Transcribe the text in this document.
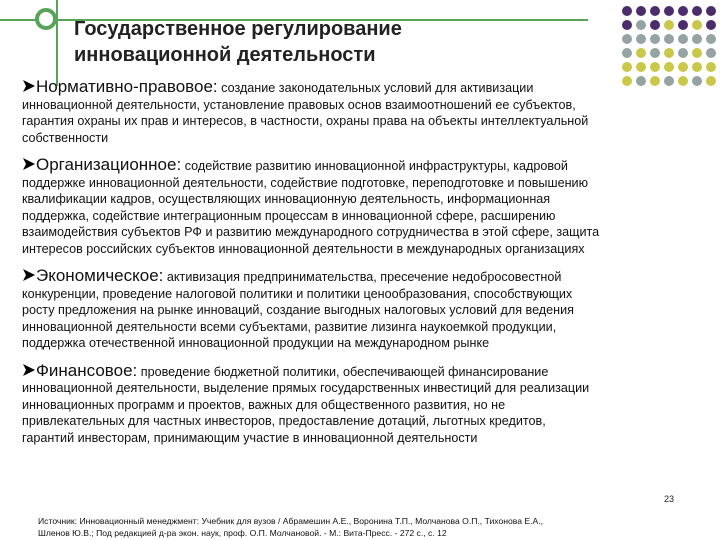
Государственное регулирование
инновационной деятельности

Нормативно-правовое: создание законодательных условий для активизации

инновационной деятельности, установление правовых основ взаимоотношений ее субъектов,

гарантия охраны их прав и интересов, в частности, охраны права на объекты интеллектуальной

собственности

Организационное: содействие развитию инновационной инфраструктуры, кадровой

поддержке инновационной деятельности, содействие подготовке, переподготовке и повышению

квалификации кадров, осуществляющих инновационную деятельность, информационная

поддержка, содействие интеграционным процессам в инновационной сфере, расширению

взаимодействия субъектов РФ и развитию международного сотрудничества в этой сфере, защита

интересов российских субъектов инновационной деятельности в международных организациях

Экономическое: активизация предпринимательства, пресечение недобросовестной

конкуренции, проведение налоговой политики и политики ценообразования, способствующих

росту предложения на рынке инноваций, создание выгодных налоговых условий для ведения

инновационной деятельности всеми субъектами, развитие лизинга наукоемкой продукции,

поддержка отечественной инновационной продукции на международном рынке

Финансовое: проведение бюджетной политики, обеспечивающей финансирование

инновационной деятельности, выделение прямых государственных инвестиций для реализации

инновационных программ и проектов, важных для общественного развития, но не

привлекательных для частных инвесторов, предоставление дотаций, льготных кредитов,

гарантий инвесторам, принимающим участие в инновационной деятельности

23
Источник: Инновационный менеджмент: Учебник для вузов / Абрамешин А.Е., Воронина Т.П., Молчанова О.П., Тихонова Е.А.,
Шленов Ю.В.; Под редакцией д-ра экон. наук, проф. О.П. Молчановой. - М.: Вита-Пресс. - 272 с., с. 12
